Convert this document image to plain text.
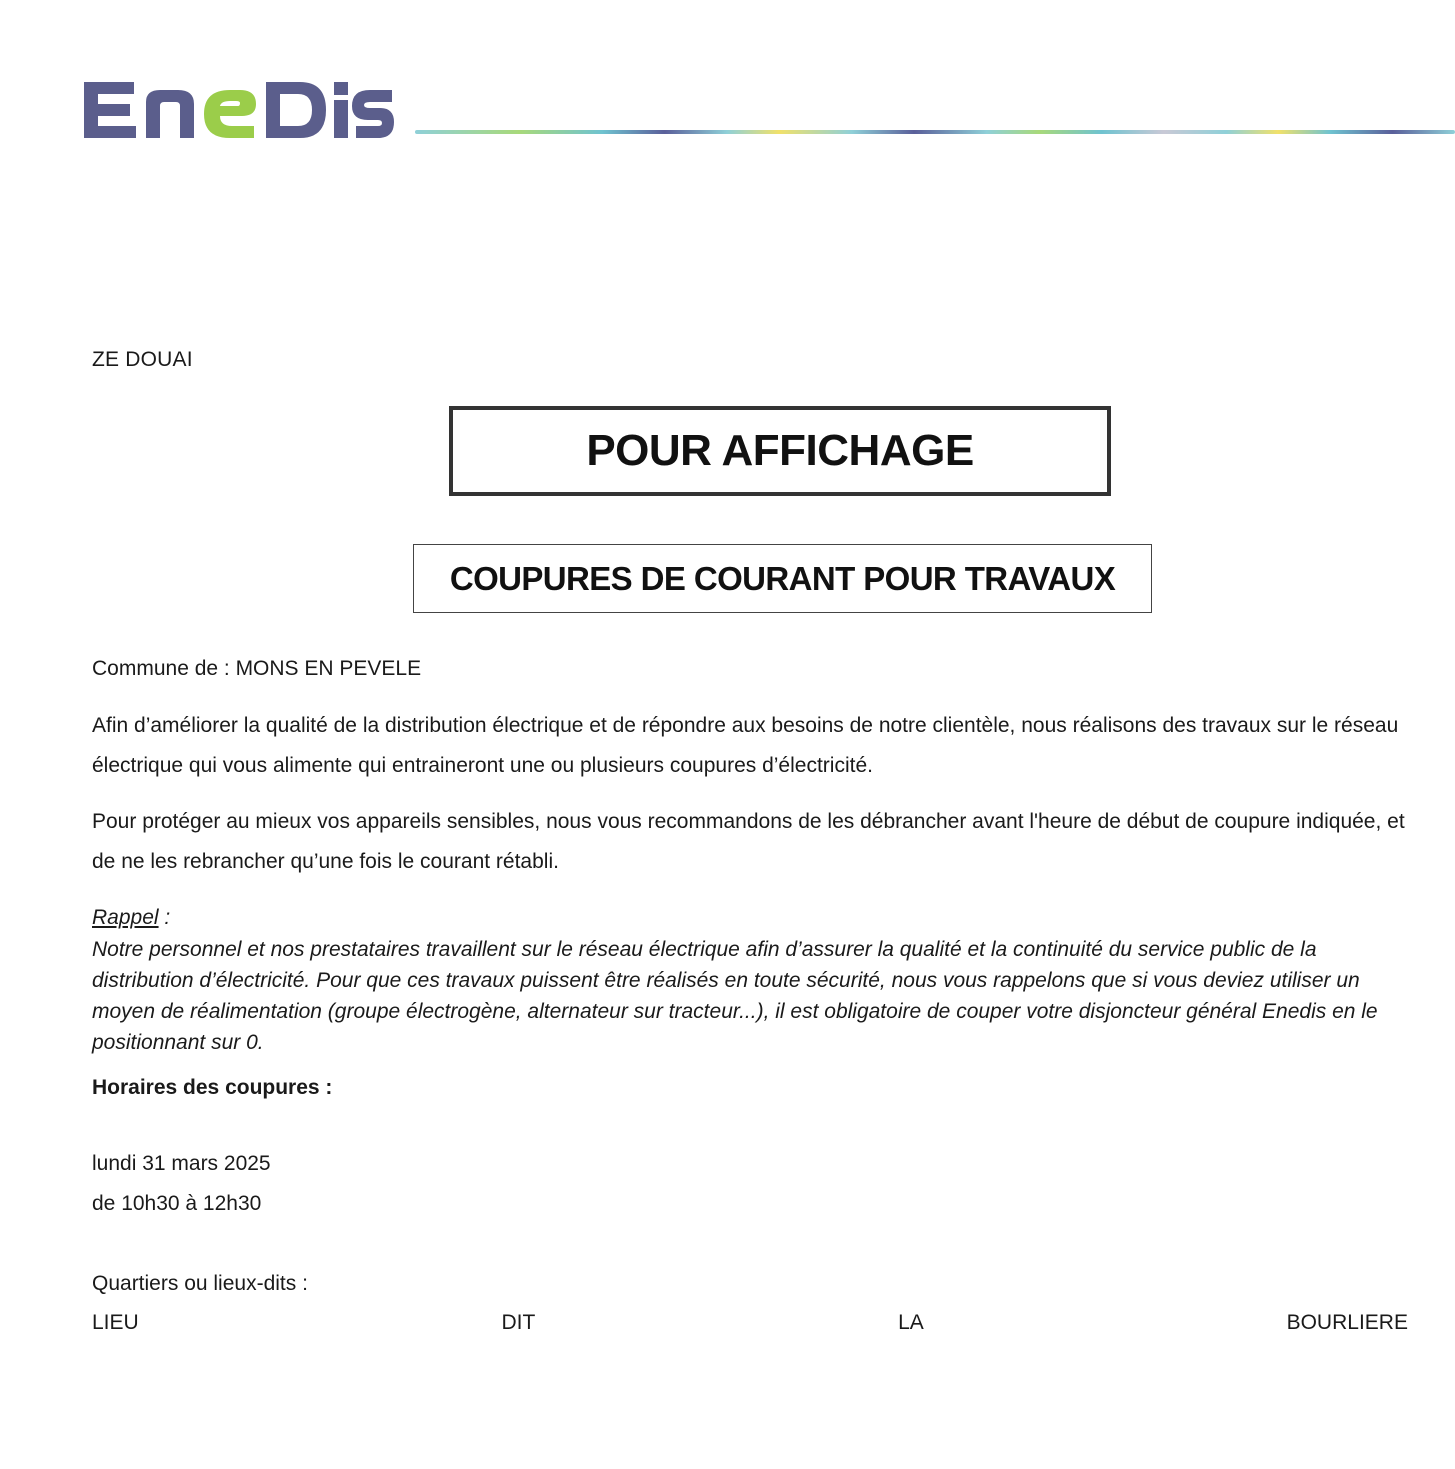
ZE DOUAI
POUR AFFICHAGE
COUPURES DE COURANT POUR TRAVAUX
Commune de : MONS EN PEVELE
Afin d’améliorer la qualité de la distribution électrique et de répondre aux besoins de notre clientèle, nous réalisons des travaux sur le réseau électrique qui vous alimente qui entraineront une ou plusieurs coupures d’électricité.
Pour protéger au mieux vos appareils sensibles, nous vous recommandons de les débrancher avant l'heure de début de coupure indiquée, et de ne les rebrancher qu’une fois le courant rétabli.
Rappel :
Notre personnel et nos prestataires travaillent sur le réseau électrique afin d’assurer la qualité et la continuité du service public de la distribution d’électricité. Pour que ces travaux puissent être réalisés en toute sécurité, nous vous rappelons que si vous deviez utiliser un moyen de réalimentation (groupe électrogène, alternateur sur tracteur...), il est obligatoire de couper votre disjoncteur général Enedis en le positionnant sur 0.
Horaires des coupures :
lundi 31 mars 2025
de 10h30 à 12h30
Quartiers ou lieux-dits :
LIEU	DIT	LA	BOURLIERE
